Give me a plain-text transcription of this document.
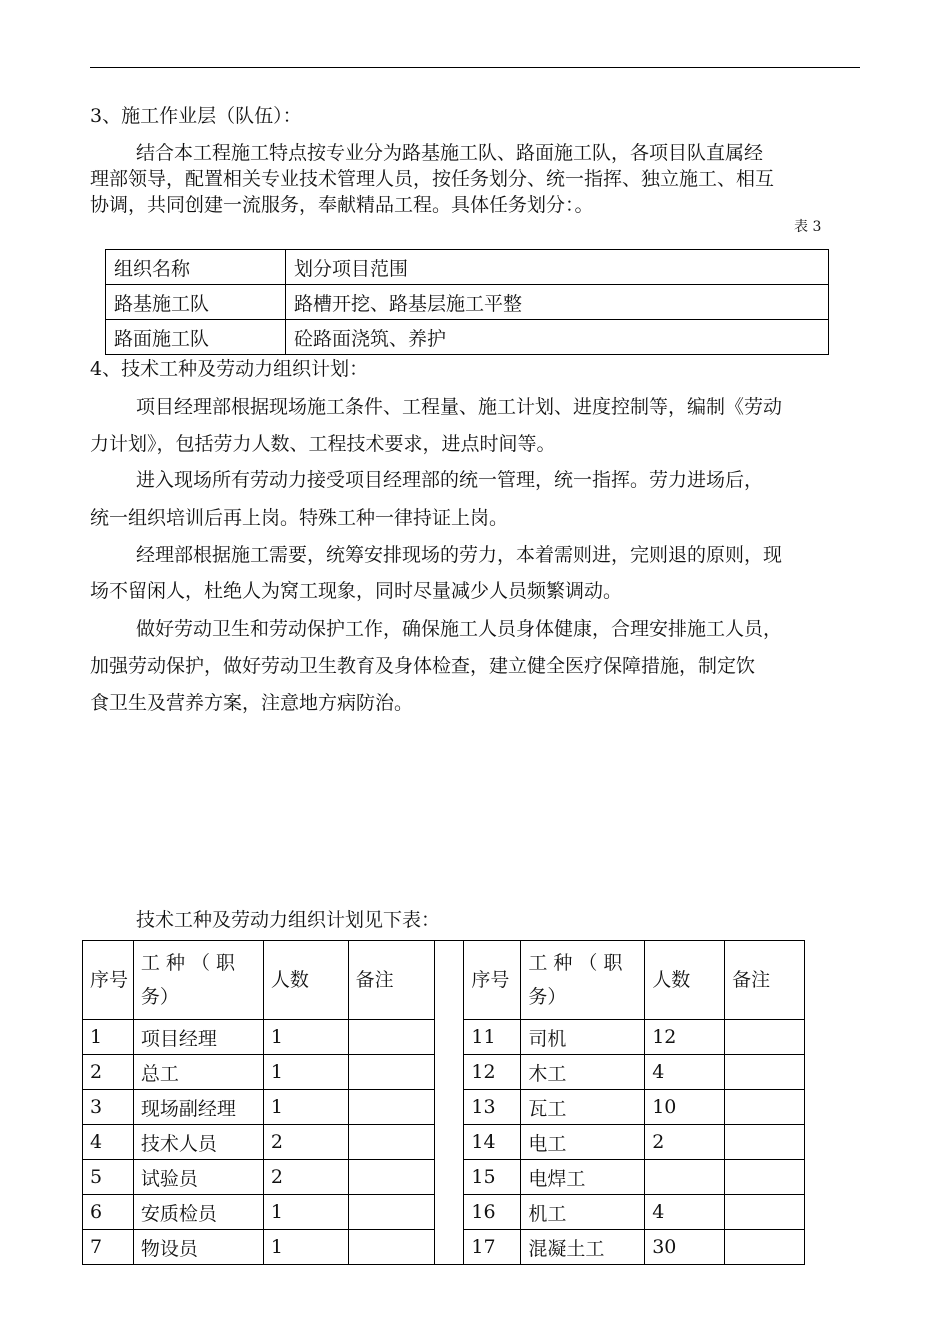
3、施工作业层（队伍）：
结合本工程施工特点按专业分为路基施工队、路面施工队，各项目队直属经
理部领导，配置相关专业技术管理人员，按任务划分、统一指挥、独立施工、相互
协调，共同创建一流服务，奉献精品工程。具体任务划分：。
表 3
组织名称	划分项目范围
路基施工队	路槽开挖、路基层施工平整
路面施工队	砼路面浇筑、养护
4、技术工种及劳动力组织计划：
项目经理部根据现场施工条件、工程量、施工计划、进度控制等，编制《劳动
力计划》，包括劳力人数、工程技术要求，进点时间等。
进入现场所有劳动力接受项目经理部的统一管理，统一指挥。劳力进场后，
统一组织培训后再上岗。特殊工种一律持证上岗。
经理部根据施工需要，统筹安排现场的劳力，本着需则进，完则退的原则，现
场不留闲人，杜绝人为窝工现象，同时尽量减少人员频繁调动。
做好劳动卫生和劳动保护工作，确保施工人员身体健康，合理安排施工人员，
加强劳动保护，做好劳动卫生教育及身体检查，建立健全医疗保障措施，制定饮
食卫生及营养方案，注意地方病防治。
技术工种及劳动力组织计划见下表：
序号	工 种 （ 职务）	人数	备注		序号	工 种 （ 职务）	人数	备注
1	项目经理	1			11	司机	12	
2	总工	1			12	木工	4	
3	现场副经理	1			13	瓦工	10	
4	技术人员	2			14	电工	2	
5	试验员	2			15	电焊工		
6	安质检员	1			16	机工	4	
7	物设员	1			17	混凝土工	30	
